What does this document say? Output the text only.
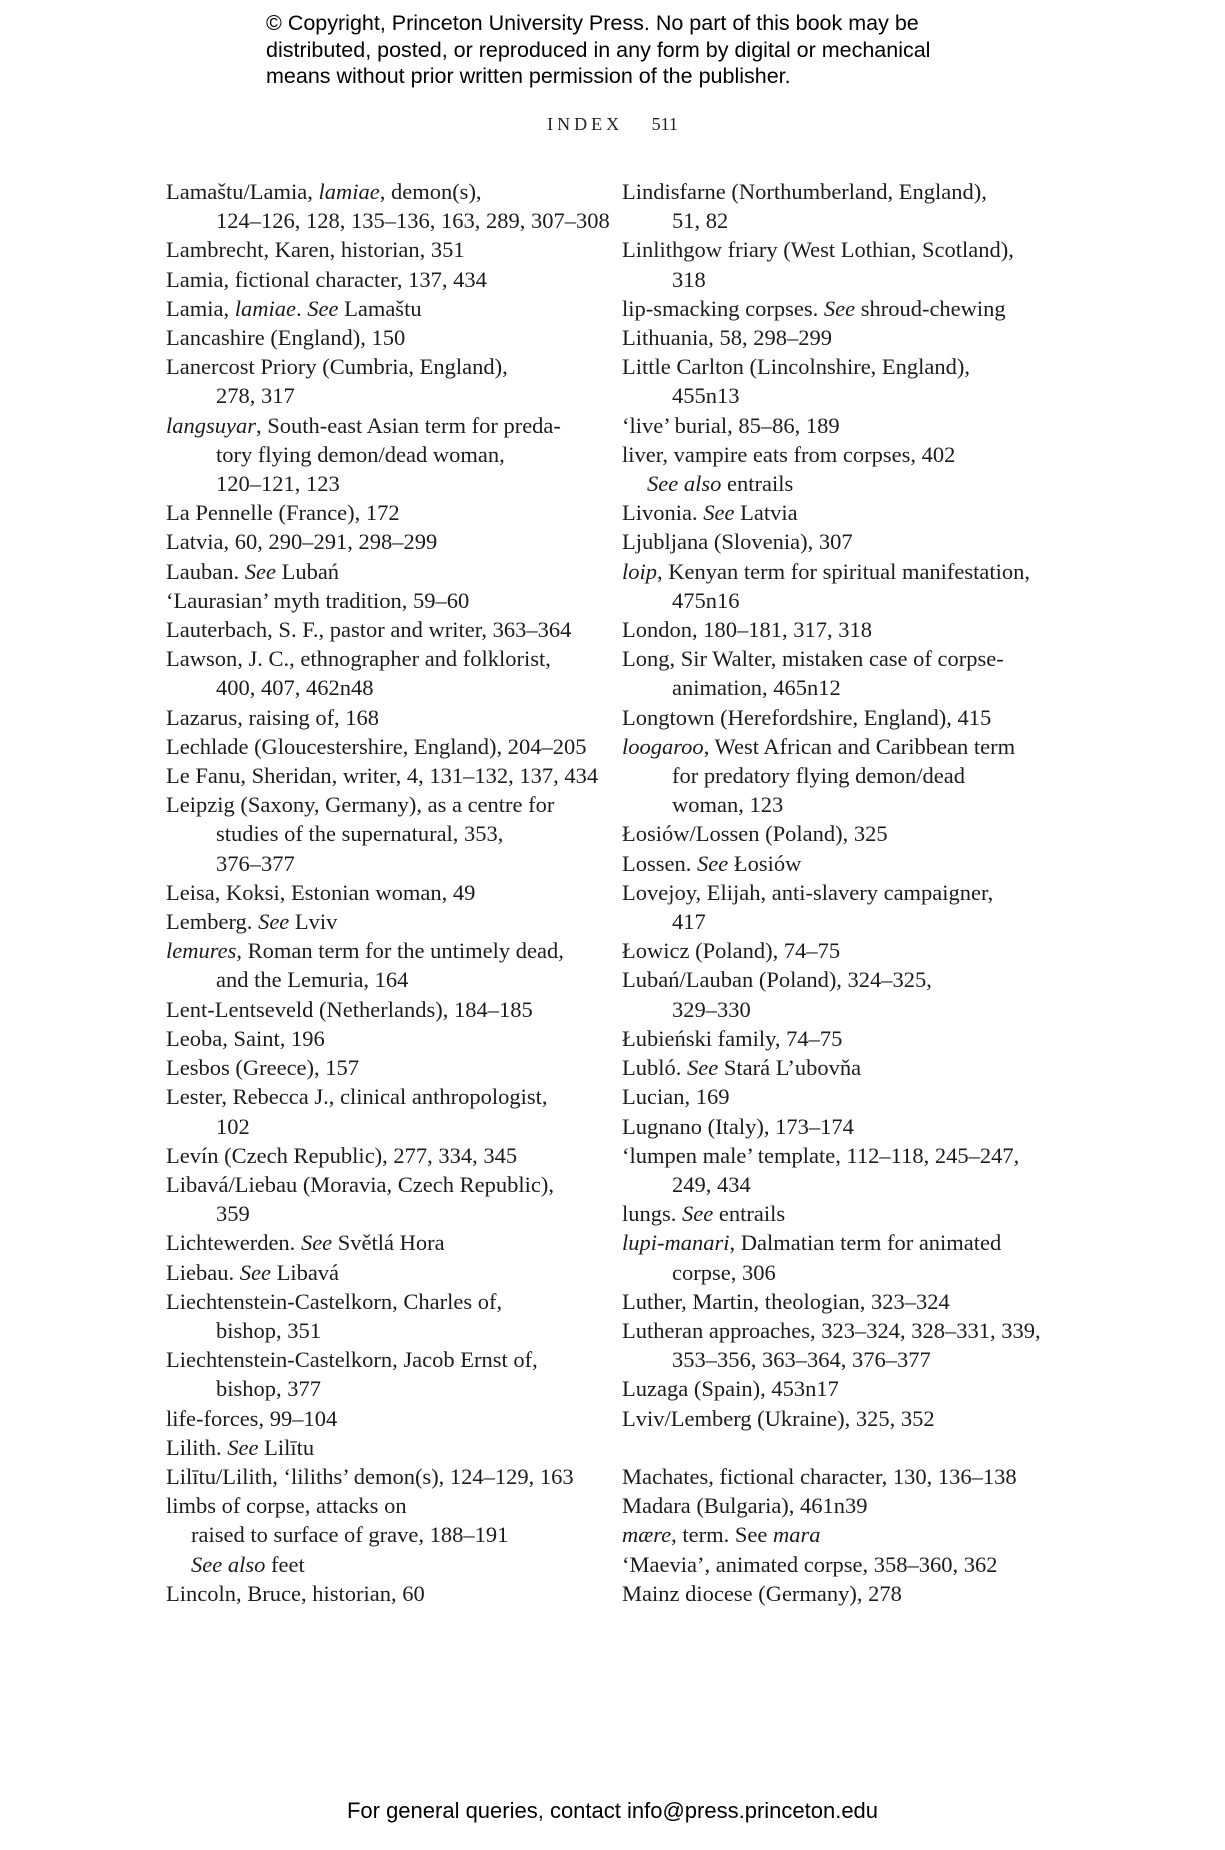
© Copyright, Princeton University Press. No part of this book may be
distributed, posted, or reproduced in any form by digital or mechanical
means without prior written permission of the publisher.
INDEX 511
Lamaštu/Lamia, lamiae, demon(s),
124–126, 128, 135–136, 163, 289, 307–308
Lambrecht, Karen, historian, 351
Lamia, fictional character, 137, 434
Lamia, lamiae. See Lamaštu
Lancashire (England), 150
Lanercost Priory (Cumbria, England),
278, 317
langsuyar, South-east Asian term for preda-
tory flying demon/dead woman,
120–121, 123
La Pennelle (France), 172
Latvia, 60, 290–291, 298–299
Lauban. See Lubań
‘Laurasian’ myth tradition, 59–60
Lauterbach, S. F., pastor and writer, 363–364
Lawson, J. C., ethnographer and folklorist,
400, 407, 462n48
Lazarus, raising of, 168
Lechlade (Gloucestershire, England), 204–205
Le Fanu, Sheridan, writer, 4, 131–132, 137, 434
Leipzig (Saxony, Germany), as a centre for
studies of the supernatural, 353,
376–377
Leisa, Koksi, Estonian woman, 49
Lemberg. See Lviv
lemures, Roman term for the untimely dead,
and the Lemuria, 164
Lent-Lentseveld (Netherlands), 184–185
Leoba, Saint, 196
Lesbos (Greece), 157
Lester, Rebecca J., clinical anthropologist,
102
Levín (Czech Republic), 277, 334, 345
Libavá/Liebau (Moravia, Czech Republic),
359
Lichtewerden. See Světlá Hora
Liebau. See Libavá
Liechtenstein-Castelkorn, Charles of,
bishop, 351
Liechtenstein-Castelkorn, Jacob Ernst of,
bishop, 377
life-forces, 99–104
Lilith. See Lilītu
Lilītu/Lilith, ‘liliths’ demon(s), 124–129, 163
limbs of corpse, attacks on
raised to surface of grave, 188–191
See also feet
Lincoln, Bruce, historian, 60
Lindisfarne (Northumberland, England),
51, 82
Linlithgow friary (West Lothian, Scotland),
318
lip-smacking corpses. See shroud-chewing
Lithuania, 58, 298–299
Little Carlton (Lincolnshire, England),
455n13
‘live’ burial, 85–86, 189
liver, vampire eats from corpses, 402
See also entrails
Livonia. See Latvia
Ljubljana (Slovenia), 307
loip, Kenyan term for spiritual manifestation,
475n16
London, 180–181, 317, 318
Long, Sir Walter, mistaken case of corpse-
animation, 465n12
Longtown (Herefordshire, England), 415
loogaroo, West African and Caribbean term
for predatory flying demon/dead
woman, 123
Łosiów/Lossen (Poland), 325
Lossen. See Łosiów
Lovejoy, Elijah, anti-slavery campaigner,
417
Łowicz (Poland), 74–75
Lubań/Lauban (Poland), 324–325,
329–330
Łubieński family, 74–75
Lubló. See Stará L’ubovňa
Lucian, 169
Lugnano (Italy), 173–174
‘lumpen male’ template, 112–118, 245–247,
249, 434
lungs. See entrails
lupi-manari, Dalmatian term for animated
corpse, 306
Luther, Martin, theologian, 323–324
Lutheran approaches, 323–324, 328–331, 339,
353–356, 363–364, 376–377
Luzaga (Spain), 453n17
Lviv/Lemberg (Ukraine), 325, 352
Machates, fictional character, 130, 136–138
Madara (Bulgaria), 461n39
mære, term. See mara
‘Maevia’, animated corpse, 358–360, 362
Mainz diocese (Germany), 278
For general queries, contact info@press.princeton.edu
